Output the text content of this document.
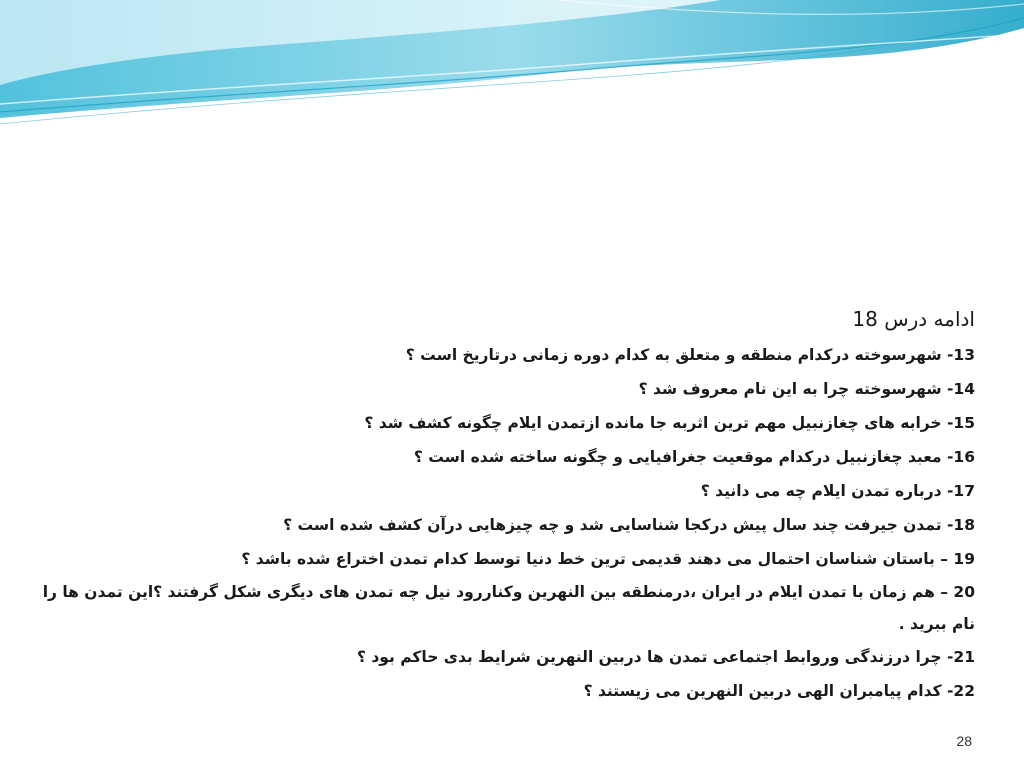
ادامه درس 18

13- شهرسوخته درکدام منطقه و متعلق به کدام دوره زمانی درتاریخ است ؟
14- شهرسوخته چرا به این نام معروف شد ؟
15- خرابه های چغازنبیل مهم ترین اثربه جا مانده ازتمدن ایلام چگونه کشف شد ؟
16- معبد چغازنبیل درکدام موقعیت جغرافیایی و چگونه ساخته شده است ؟
17- درباره تمدن ایلام چه می دانید ؟
18- تمدن جیرفت چند سال پیش درکجا شناسایی شد و چه چیزهایی درآن کشف شده است ؟
19 – باستان شناسان احتمال می دهند قدیمی ترین خط دنیا توسط کدام تمدن اختراع شده باشد ؟
20 – هم زمان با تمدن ایلام در ایران ،درمنطقه بین النهرین وکناررود نیل چه تمدن های دیگری شکل گرفتند ؟این تمدن ها را نام ببرید .
21- چرا درزندگی وروابط اجتماعی تمدن ها دربین النهرین شرایط بدی حاکم بود ؟
22- کدام پیامبران الهی دربین النهرین می زیستند ؟
28
